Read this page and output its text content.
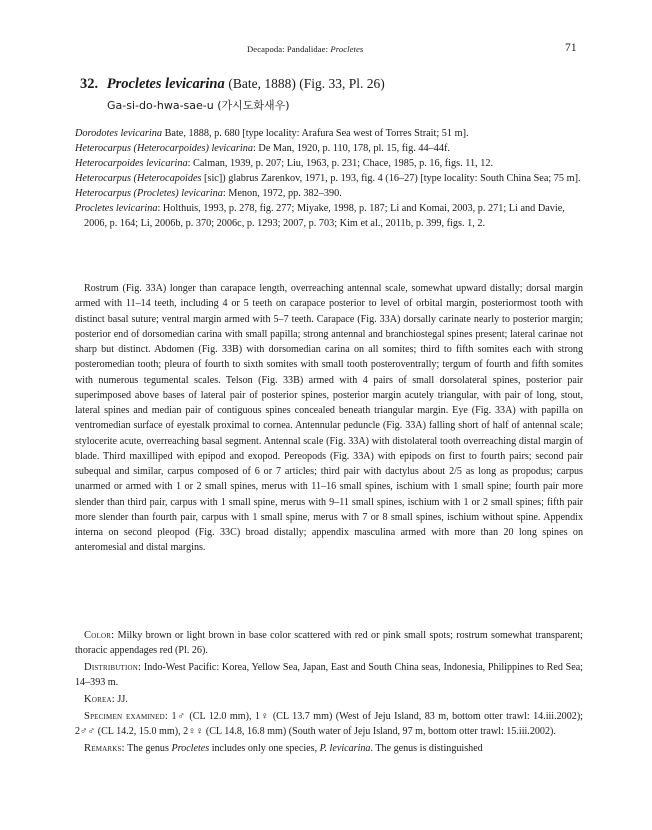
Decapoda: Pandalidae: Procletes	71
32. Procletes levicarina (Bate, 1888) (Fig. 33, Pl. 26)
Ga-si-do-hwa-sae-u (가시도화새우)

Dorodotes levicarina Bate, 1888, p. 680 [type locality: Arafura Sea west of Torres Strait; 51 m].

Heterocarpus (Heterocarpoides) levicarina: De Man, 1920, p. 110, 178, pl. 15, fig. 44–44f.

Heterocarpoides levicarina: Calman, 1939, p. 207; Liu, 1963, p. 231; Chace, 1985, p. 16, figs. 11, 12.

Heterocarpus (Heterocapoides [sic]) glabrus Zarenkov, 1971, p. 193, fig. 4 (16–27) [type locality: South China Sea; 75 m].

Heterocarpus (Procletes) levicarina: Menon, 1972, pp. 382–390.

Procletes levicarina: Holthuis, 1993, p. 278, fig. 277; Miyake, 1998, p. 187; Li and Komai, 2003, p. 271; Li and Davie, 2006, p. 164; Li, 2006b, p. 370; 2006c, p. 1293; 2007, p. 703; Kim et al., 2011b, p. 399, figs. 1, 2.

Rostrum (Fig. 33A) longer than carapace length, overreaching antennal scale, somewhat upward distally; dorsal margin armed with 11–14 teeth, including 4 or 5 teeth on carapace posterior to level of orbital margin, posteriormost tooth with distinct basal suture; ventral margin armed with 5–7 teeth. Carapace (Fig. 33A) dorsally carinate nearly to posterior margin; posterior end of dorsomedian carina with small papilla; strong antennal and branchiostegal spines present; lateral carinae not sharp but distinct. Abdomen (Fig. 33B) with dorsomedian carina on all somites; third to fifth somites each with strong posteromedian tooth; pleura of fourth to sixth somites with small tooth posteroventrally; tergum of fourth and fifth somites with numerous tegumental scales. Telson (Fig. 33B) armed with 4 pairs of small dorsolateral spines, posterior pair superimposed above bases of lateral pair of posterior spines, posterior margin acutely triangular, with pair of long, stout, lateral spines and median pair of contiguous spines concealed beneath triangular margin. Eye (Fig. 33A) with papilla on ventromedian surface of eyestalk proximal to cornea. Antennular peduncle (Fig. 33A) falling short of half of antennal scale; stylocerite acute, overreaching basal segment. Antennal scale (Fig. 33A) with distolateral tooth overreaching distal margin of blade. Third maxilliped with epipod and exopod. Pereopods (Fig. 33A) with epipods on first to fourth pairs; second pair subequal and similar, carpus composed of 6 or 7 articles; third pair with dactylus about 2/5 as long as propodus; carpus unarmed or armed with 1 or 2 small spines, merus with 11–16 small spines, ischium with 1 small spine; fourth pair more slender than third pair, carpus with 1 small spine, merus with 9–11 small spines, ischium with 1 or 2 small spines; fifth pair more slender than fourth pair, carpus with 1 small spine, merus with 7 or 8 small spines, ischium without spine. Appendix interna on second pleopod (Fig. 33C) broad distally; appendix masculina armed with more than 20 long spines on anteromesial and distal margins.

Color: Milky brown or light brown in base color scattered with red or pink small spots; rostrum somewhat transparent; thoracic appendages red (Pl. 26).

Distribution: Indo-West Pacific: Korea, Yellow Sea, Japan, East and South China seas, Indonesia, Philippines to Red Sea; 14–393 m.

Korea: JJ.

Specimen examined: 1♂ (CL 12.0 mm), 1♀ (CL 13.7 mm) (West of Jeju Island, 83 m, bottom otter trawl: 14.iii.2002); 2♂♂ (CL 14.2, 15.0 mm), 2♀♀ (CL 14.8, 16.8 mm) (South water of Jeju Island, 97 m, bottom otter trawl: 15.iii.2002).

Remarks: The genus Procletes includes only one species, P. levicarina. The genus is distinguished
